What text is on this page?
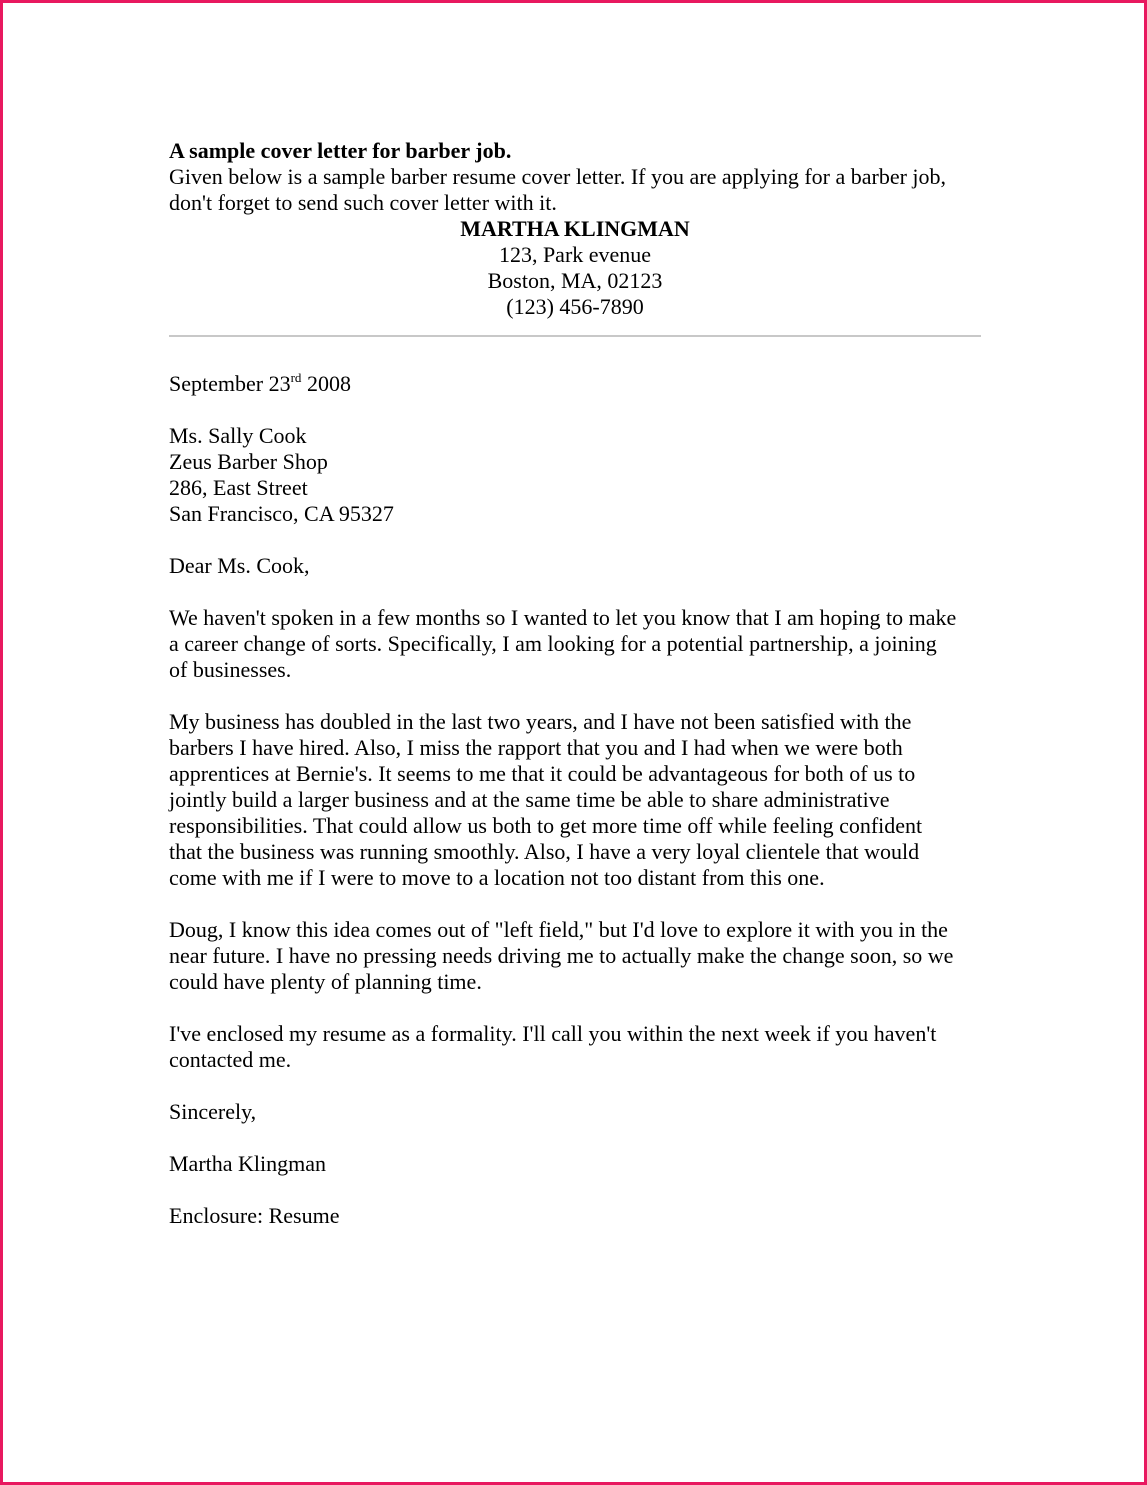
A sample cover letter for barber job.

Given below is a sample barber resume cover letter. If you are applying for a barber job,
don't forget to send such cover letter with it.

MARTHA KLINGMAN
123, Park evenue
Boston, MA, 02123
(123) 456-7890

September 23rd 2008

Ms. Sally Cook
Zeus Barber Shop
286, East Street
San Francisco, CA 95327

Dear Ms. Cook,

We haven't spoken in a few months so I wanted to let you know that I am hoping to make
a career change of sorts. Specifically, I am looking for a potential partnership, a joining
of businesses.
My business has doubled in the last two years, and I have not been satisfied with the
barbers I have hired. Also, I miss the rapport that you and I had when we were both
apprentices at Bernie's. It seems to me that it could be advantageous for both of us to
jointly build a larger business and at the same time be able to share administrative
responsibilities. That could allow us both to get more time off while feeling confident
that the business was running smoothly. Also, I have a very loyal clientele that would
come with me if I were to move to a location not too distant from this one.
Doug, I know this idea comes out of "left field," but I'd love to explore it with you in the
near future. I have no pressing needs driving me to actually make the change soon, so we
could have plenty of planning time.
I've enclosed my resume as a formality. I'll call you within the next week if you haven't
contacted me.

Sincerely,

Martha Klingman

Enclosure: Resume
